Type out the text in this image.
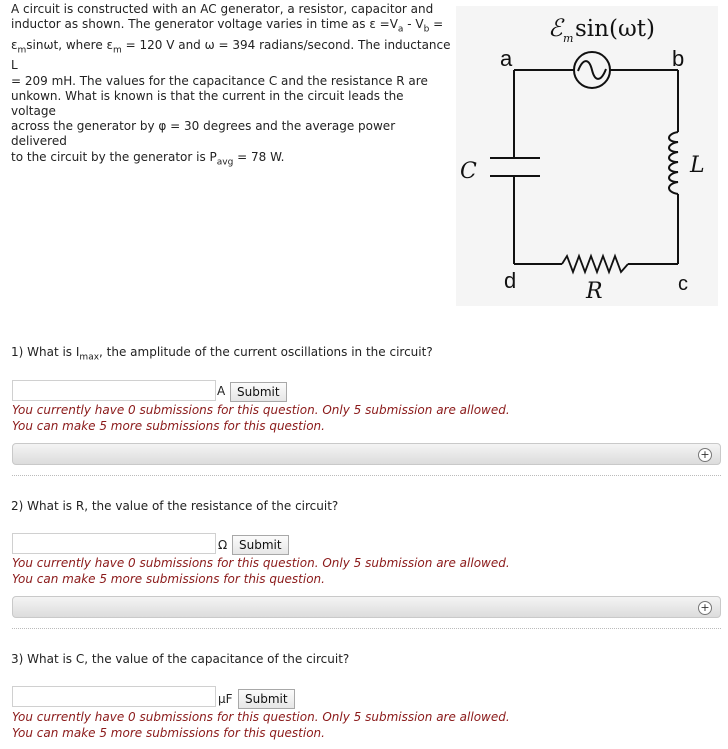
A circuit is constructed with an AC generator, a resistor, capacitor and
inductor as shown. The generator voltage varies in time as $\varepsilon =V_a - V_b$ =
$\varepsilon_m\sin\omega t$, where $\varepsilon_m = 120$ V and ω = 394 radians/second. The inductance L
= 209 mH. The values for the capacitance C and the resistance R are
unkown. What is known is that the current in the circuit leads the voltage
across the generator by φ = 30 degrees and the average power delivered
to the circuit by the generator is $P_{avg} = 78$ W.
ℰ m sin(ωt)
a	b
c
d
C	L
R
1) What is $I_{max}$, the amplitude of the current oscillations in the circuit?
A Submit
You currently have 0 submissions for this question. Only 5 submission are allowed.
You can make 5 more submissions for this question.
+
2) What is R, the value of the resistance of the circuit?
Ω Submit
You currently have 0 submissions for this question. Only 5 submission are allowed.
You can make 5 more submissions for this question.
+
3) What is C, the value of the capacitance of the circuit?
μF	Submit
You currently have 0 submissions for this question. Only 5 submission are allowed.
You can make 5 more submissions for this question.
